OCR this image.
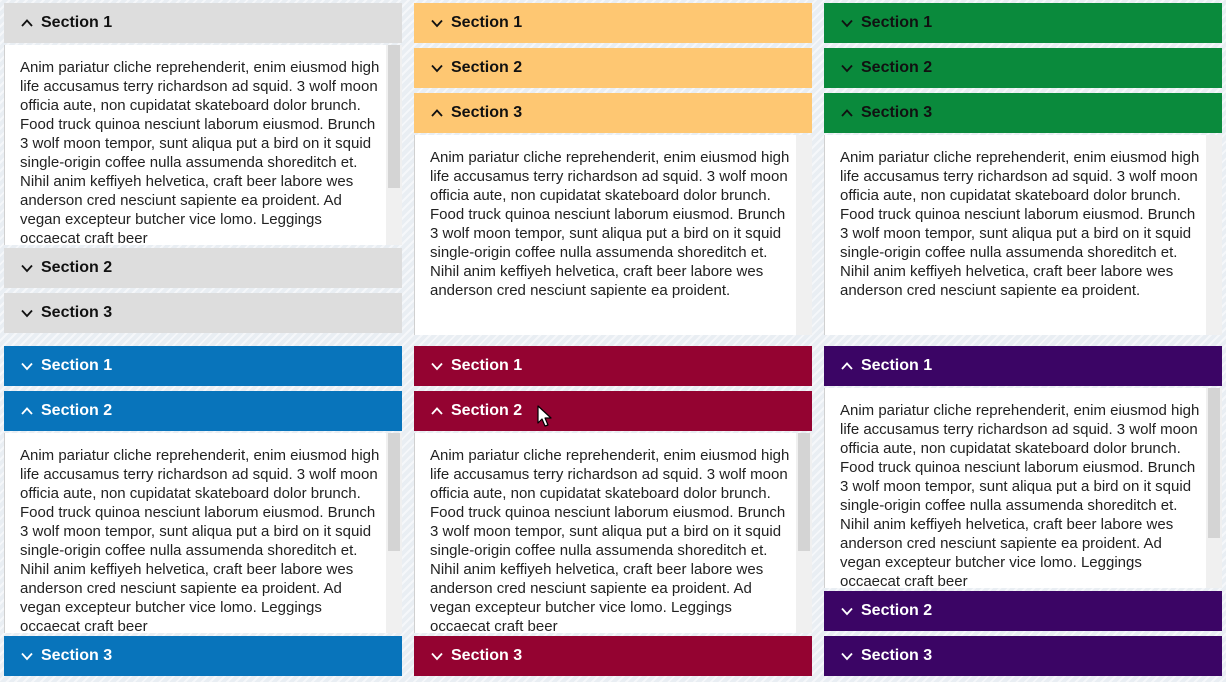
Section 1
Anim pariatur cliche reprehenderit, enim eiusmod high life accusamus terry richardson ad squid. 3 wolf moon officia aute, non cupidatat skateboard dolor brunch. Food truck quinoa nesciunt laborum eiusmod. Brunch 3 wolf moon tempor, sunt aliqua put a bird on it squid single-origin coffee nulla assumenda shoreditch et. Nihil anim keffiyeh helvetica, craft beer labore wes anderson cred nesciunt sapiente ea proident. Ad vegan excepteur butcher vice lomo. Leggings occaecat craft beer
Section 2
Section 3
Section 1
Section 2
Section 3
Anim pariatur cliche reprehenderit, enim eiusmod high life accusamus terry richardson ad squid. 3 wolf moon officia aute, non cupidatat skateboard dolor brunch. Food truck quinoa nesciunt laborum eiusmod. Brunch 3 wolf moon tempor, sunt aliqua put a bird on it squid single-origin coffee nulla assumenda shoreditch et. Nihil anim keffiyeh helvetica, craft beer labore wes anderson cred nesciunt sapiente ea proident.
Section 1
Section 2
Section 3
Anim pariatur cliche reprehenderit, enim eiusmod high life accusamus terry richardson ad squid. 3 wolf moon officia aute, non cupidatat skateboard dolor brunch. Food truck quinoa nesciunt laborum eiusmod. Brunch 3 wolf moon tempor, sunt aliqua put a bird on it squid single-origin coffee nulla assumenda shoreditch et. Nihil anim keffiyeh helvetica, craft beer labore wes anderson cred nesciunt sapiente ea proident.
Section 1
Section 2
Anim pariatur cliche reprehenderit, enim eiusmod high life accusamus terry richardson ad squid. 3 wolf moon officia aute, non cupidatat skateboard dolor brunch. Food truck quinoa nesciunt laborum eiusmod. Brunch 3 wolf moon tempor, sunt aliqua put a bird on it squid single-origin coffee nulla assumenda shoreditch et. Nihil anim keffiyeh helvetica, craft beer labore wes anderson cred nesciunt sapiente ea proident. Ad vegan excepteur butcher vice lomo. Leggings occaecat craft beer
Section 3
Section 1
Section 2
Anim pariatur cliche reprehenderit, enim eiusmod high life accusamus terry richardson ad squid. 3 wolf moon officia aute, non cupidatat skateboard dolor brunch. Food truck quinoa nesciunt laborum eiusmod. Brunch 3 wolf moon tempor, sunt aliqua put a bird on it squid single-origin coffee nulla assumenda shoreditch et. Nihil anim keffiyeh helvetica, craft beer labore wes anderson cred nesciunt sapiente ea proident. Ad vegan excepteur butcher vice lomo. Leggings occaecat craft beer
Section 3
Section 1
Anim pariatur cliche reprehenderit, enim eiusmod high life accusamus terry richardson ad squid. 3 wolf moon officia aute, non cupidatat skateboard dolor brunch. Food truck quinoa nesciunt laborum eiusmod. Brunch 3 wolf moon tempor, sunt aliqua put a bird on it squid single-origin coffee nulla assumenda shoreditch et. Nihil anim keffiyeh helvetica, craft beer labore wes anderson cred nesciunt sapiente ea proident. Ad vegan excepteur butcher vice lomo. Leggings occaecat craft beer
Section 2
Section 3
